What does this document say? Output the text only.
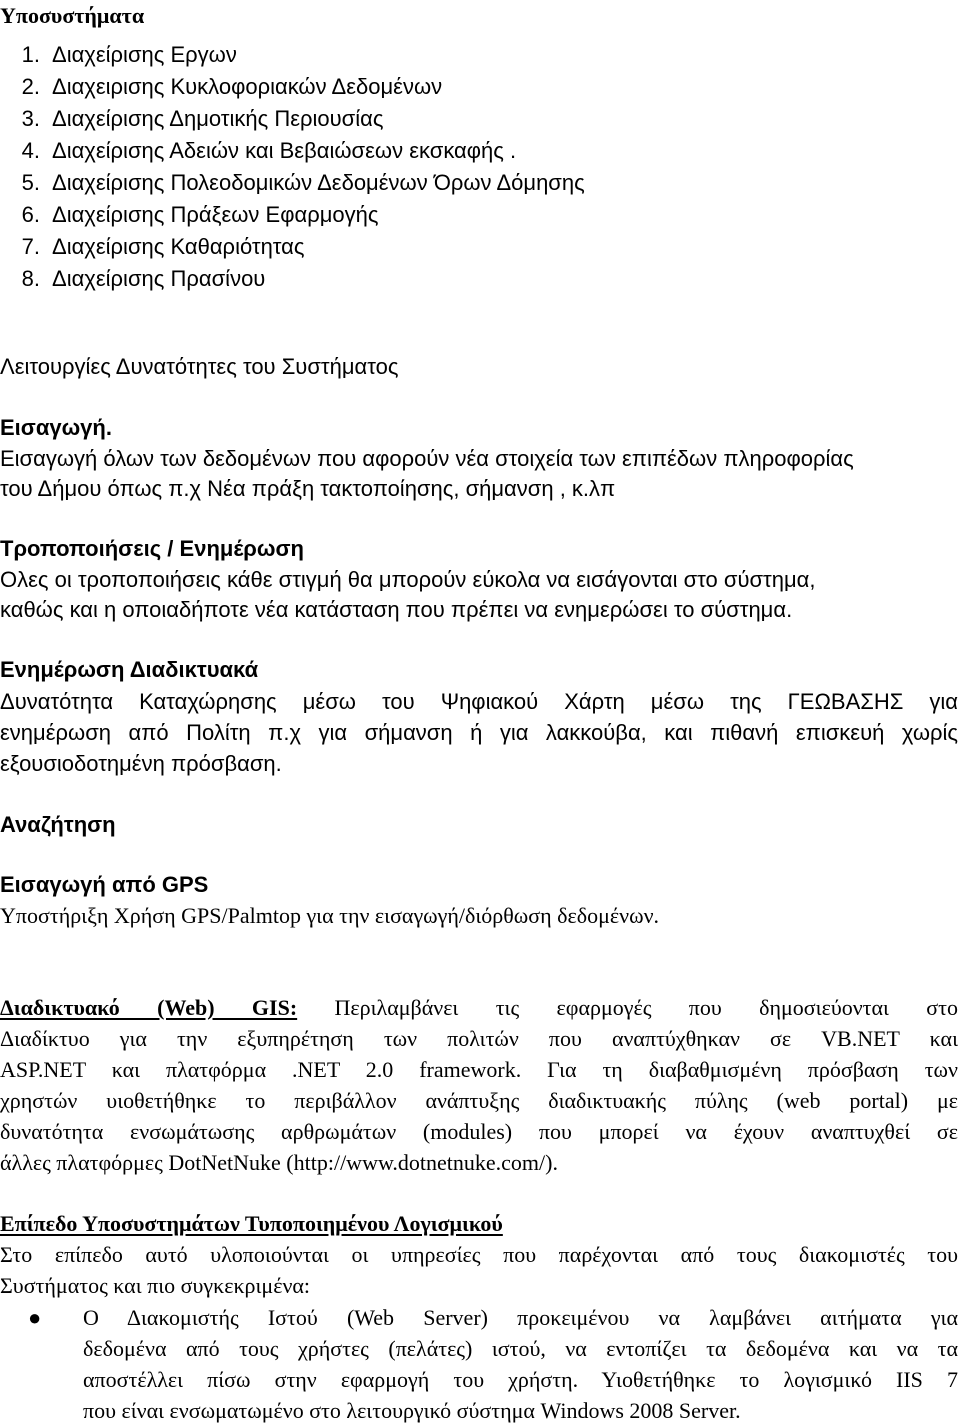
Υποσυστήματα
1. Διαχείρισης Εργων
2. Διαχειρισης Κυκλοφοριακών Δεδομένων
3. Διαχείρισης Δημοτικής Περιουσίας
4. Διαχείρισης Αδειών και Βεβαιώσεων εκσκαφής .
5. Διαχείρισης Πολεοδομικών Δεδομένων Όρων Δόμησης
6. Διαχείρισης Πράξεων Εφαρμογής
7. Διαχείρισης Καθαριότητας
8. Διαχείρισης Πρασίνου
Λειτουργίες Δυνατότητες του Συστήματος
Εισαγωγή.
Εισαγωγή όλων των δεδομένων που αφορούν νέα στοιχεία των επιπέδων πληροφορίας
του Δήμου όπως π.χ Νέα πράξη τακτοποίησης, σήμανση , κ.λπ
Τροποποιήσεις / Ενημέρωση
Ολες οι τροποποιήσεις κάθε στιγμή θα μπορούν εύκολα να εισάγονται στο σύστημα,
καθώς και η οποιαδήποτε νέα κατάσταση που πρέπει να ενημερώσει το σύστημα.
Ενημέρωση Διαδικτυακά
Δυνατότητα Καταχώρησης μέσω του Ψηφιακού Χάρτη μέσω της ΓΕΩΒΑΣΗΣ για
ενημέρωση από Πολίτη π.χ για σήμανση ή για λακκούβα, και πιθανή επισκευή χωρίς
εξουσιοδοτημένη πρόσβαση.
Αναζήτηση
Εισαγωγή από GPS
Υποστήριξη Χρήση GPS/Palmtop για την εισαγωγή/διόρθωση δεδομένων.
Διαδικτυακό (Web) GIS: Περιλαμβάνει τις εφαρμογές που δημοσιεύονται στο
Διαδίκτυο για την εξυπηρέτηση των πολιτών που αναπτύχθηκαν σε VB.NET και
ASP.NET και πλατφόρμα .NET 2.0 framework. Για τη διαβαθμισμένη πρόσβαση των
χρηστών υιοθετήθηκε το περιβάλλον ανάπτυξης διαδικτυακής πύλης (web portal) με
δυνατότητα ενσωμάτωσης αρθρωμάτων (modules) που μπορεί να έχουν αναπτυχθεί σε
άλλες πλατφόρμες DotNetNuke (http://www.dotnetnuke.com/).
Επίπεδο Υποσυστημάτων Τυποποιημένου Λογισμικού
Στο επίπεδο αυτό υλοποιούνται οι υπηρεσίες που παρέχονται από τους διακομιστές του
Συστήματος και πιο συγκεκριμένα:
● Ο Διακομιστής Ιστού (Web Server) προκειμένου να λαμβάνει αιτήματα για
δεδομένα από τους χρήστες (πελάτες) ιστού, να εντοπίζει τα δεδομένα και να τα
αποστέλλει πίσω στην εφαρμογή του χρήστη. Υιοθετήθηκε το λογισμικό IIS 7
που είναι ενσωματωμένο στο λειτουργικό σύστημα Windows 2008 Server.
